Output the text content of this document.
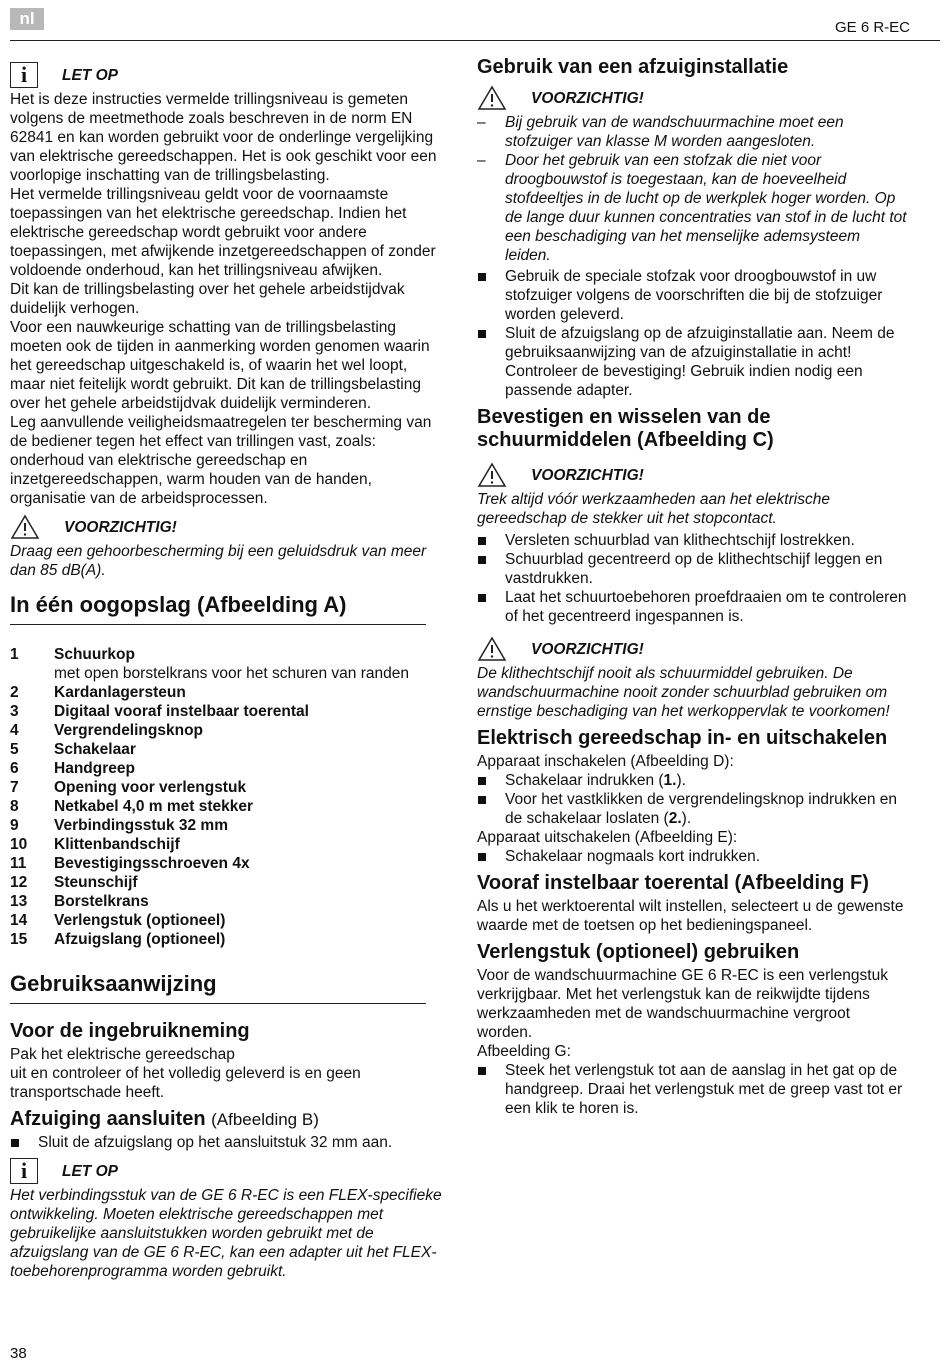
nl	GE 6 R-EC
i	LET OP

Het is deze instructies vermelde trillingsniveau is gemeten volgens de meetmethode zoals beschreven in de norm EN 62841 en kan worden gebruikt voor de onderlinge vergelijking van elektrische gereedschappen. Het is ook geschikt voor een voorlopige inschatting van de trillingsbelasting.

Het vermelde trillingsniveau geldt voor de voornaamste toepassingen van het elektrische gereedschap. Indien het elektrische gereedschap wordt gebruikt voor andere toepassingen, met afwijkende inzetgereedschappen of zonder voldoende onderhoud, kan het trillingsniveau afwijken.

Dit kan de trillingsbelasting over het gehele arbeidstijdvak duidelijk verhogen.

Voor een nauwkeurige schatting van de trillingsbelasting moeten ook de tijden in aanmerking worden genomen waarin het gereedschap uitgeschakeld is, of waarin het wel loopt, maar niet feitelijk wordt gebruikt. Dit kan de trillingsbelasting over het gehele arbeidstijdvak duidelijk verminderen.

Leg aanvullende veiligheidsmaatregelen ter bescherming van de bediener tegen het effect van trillingen vast, zoals: onderhoud van elektrische gereedschap en inzetgereedschappen, warm houden van de handen, organisatie van de arbeidsprocessen.

VOORZICHTIG!

Draag een gehoorbescherming bij een geluidsdruk van meer dan 85 dB(A).

In één oogopslag (Afbeelding A)
1	Schuurkop
met open borstelkrans voor het schuren van randen
2	Kardanlagersteun
3	Digitaal vooraf instelbaar toerental
4	Vergrendelingsknop
5	Schakelaar
6	Handgreep
7	Opening voor verlengstuk
8	Netkabel 4,0 m met stekker
9	Verbindingsstuk 32 mm
10	Klittenbandschijf
11	Bevestigingsschroeven 4x
12	Steunschijf
13	Borstelkrans
14	Verlengstuk (optioneel)
15	Afzuigslang (optioneel)
Gebruiksaanwijzing
Voor de ingebruikneming

Pak het elektrische gereedschap

uit en controleer of het volledig geleverd is en geen transportschade heeft.

Afzuiging aansluiten (Afbeelding B)
Sluit de afzuigslang op het aansluitstuk 32 mm aan.
i	LET OP

Het verbindingsstuk van de GE 6 R-EC is een FLEX-specifieke ontwikkeling. Moeten elektrische gereedschappen met gebruikelijke aansluitstukken worden gebruikt met de afzuigslang van de GE 6 R-EC, kan een adapter uit het FLEX-toebehorenprogramma worden gebruikt.

Gebruik van een afzuiginstallatie
VOORZICHTIG!
– Bij gebruik van de wandschuurmachine moet een stofzuiger van klasse M worden aangesloten.
– Door het gebruik van een stofzak die niet voor droogbouwstof is toegestaan, kan de hoeveelheid stofdeeltjes in de lucht op de werkplek hoger worden. Op de lange duur kunnen concentraties van stof in de lucht tot een beschadiging van het menselijke ademsysteem leiden.
Gebruik de speciale stofzak voor droogbouwstof in uw stofzuiger volgens de voorschriften die bij de stofzuiger worden geleverd.
Sluit de afzuigslang op de afzuiginstallatie aan. Neem de gebruiksaanwijzing van de afzuiginstallatie in acht! Controleer de bevestiging! Gebruik indien nodig een passende adapter.
Bevestigen en wisselen van de schuurmiddelen (Afbeelding C)
VOORZICHTIG!

Trek altijd vóór werkzaamheden aan het elektrische gereedschap de stekker uit het stopcontact.

Versleten schuurblad van klithechtschijf lostrekken.
Schuurblad gecentreerd op de klithechtschijf leggen en vastdrukken.
Laat het schuurtoebehoren proefdraaien om te controleren of het gecentreerd ingespannen is.
VOORZICHTIG!

De klithechtschijf nooit als schuurmiddel gebruiken. De wandschuurmachine nooit zonder schuurblad gebruiken om ernstige beschadiging van het werkoppervlak te voorkomen!

Elektrisch gereedschap in- en uitschakelen

Apparaat inschakelen (Afbeelding D):

Schakelaar indrukken (1.).
Voor het vastklikken de vergrendelingsknop indrukken en de schakelaar loslaten (2.).

Apparaat uitschakelen (Afbeelding E):

Schakelaar nogmaals kort indrukken.
Vooraf instelbaar toerental (Afbeelding F)

Als u het werktoerental wilt instellen, selecteert u de gewenste waarde met de toetsen op het bedieningspaneel.

Verlengstuk (optioneel) gebruiken

Voor de wandschuurmachine GE 6 R-EC is een verlengstuk verkrijgbaar. Met het verlengstuk kan de reikwijdte tijdens werkzaamheden met de wandschuurmachine vergroot worden.

Afbeelding G:

Steek het verlengstuk tot aan de aanslag in het gat op de handgreep. Draai het verlengstuk met de greep vast tot er een klik te horen is.
38
